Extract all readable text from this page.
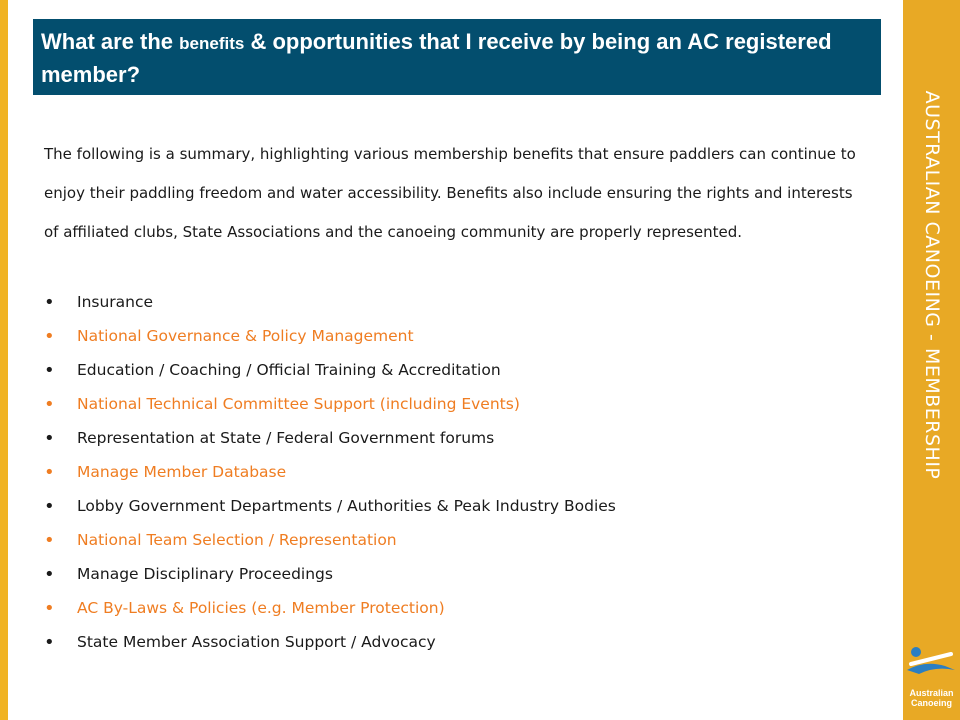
What are the benefits & opportunities that I receive by being an AC registered member?

The following is a summary, highlighting various membership benefits that ensure paddlers can continue to enjoy their paddling freedom and water accessibility. Benefits also include ensuring the rights and interests of affiliated clubs, State Associations and the canoeing community are properly represented.

•	Insurance
•	National Governance & Policy Management
•	Education / Coaching / Official Training & Accreditation
•	National Technical Committee Support (including Events)
•	Representation at State / Federal Government forums
•	Manage Member Database
•	Lobby Government Departments / Authorities & Peak Industry Bodies
•	National Team Selection / Representation
•	Manage Disciplinary Proceedings
•	AC By-Laws & Policies (e.g. Member Protection)
•	State Member Association Support / Advocacy
AUSTRALIAN CANOEING - MEMBERSHIP
Australian
Canoeing
